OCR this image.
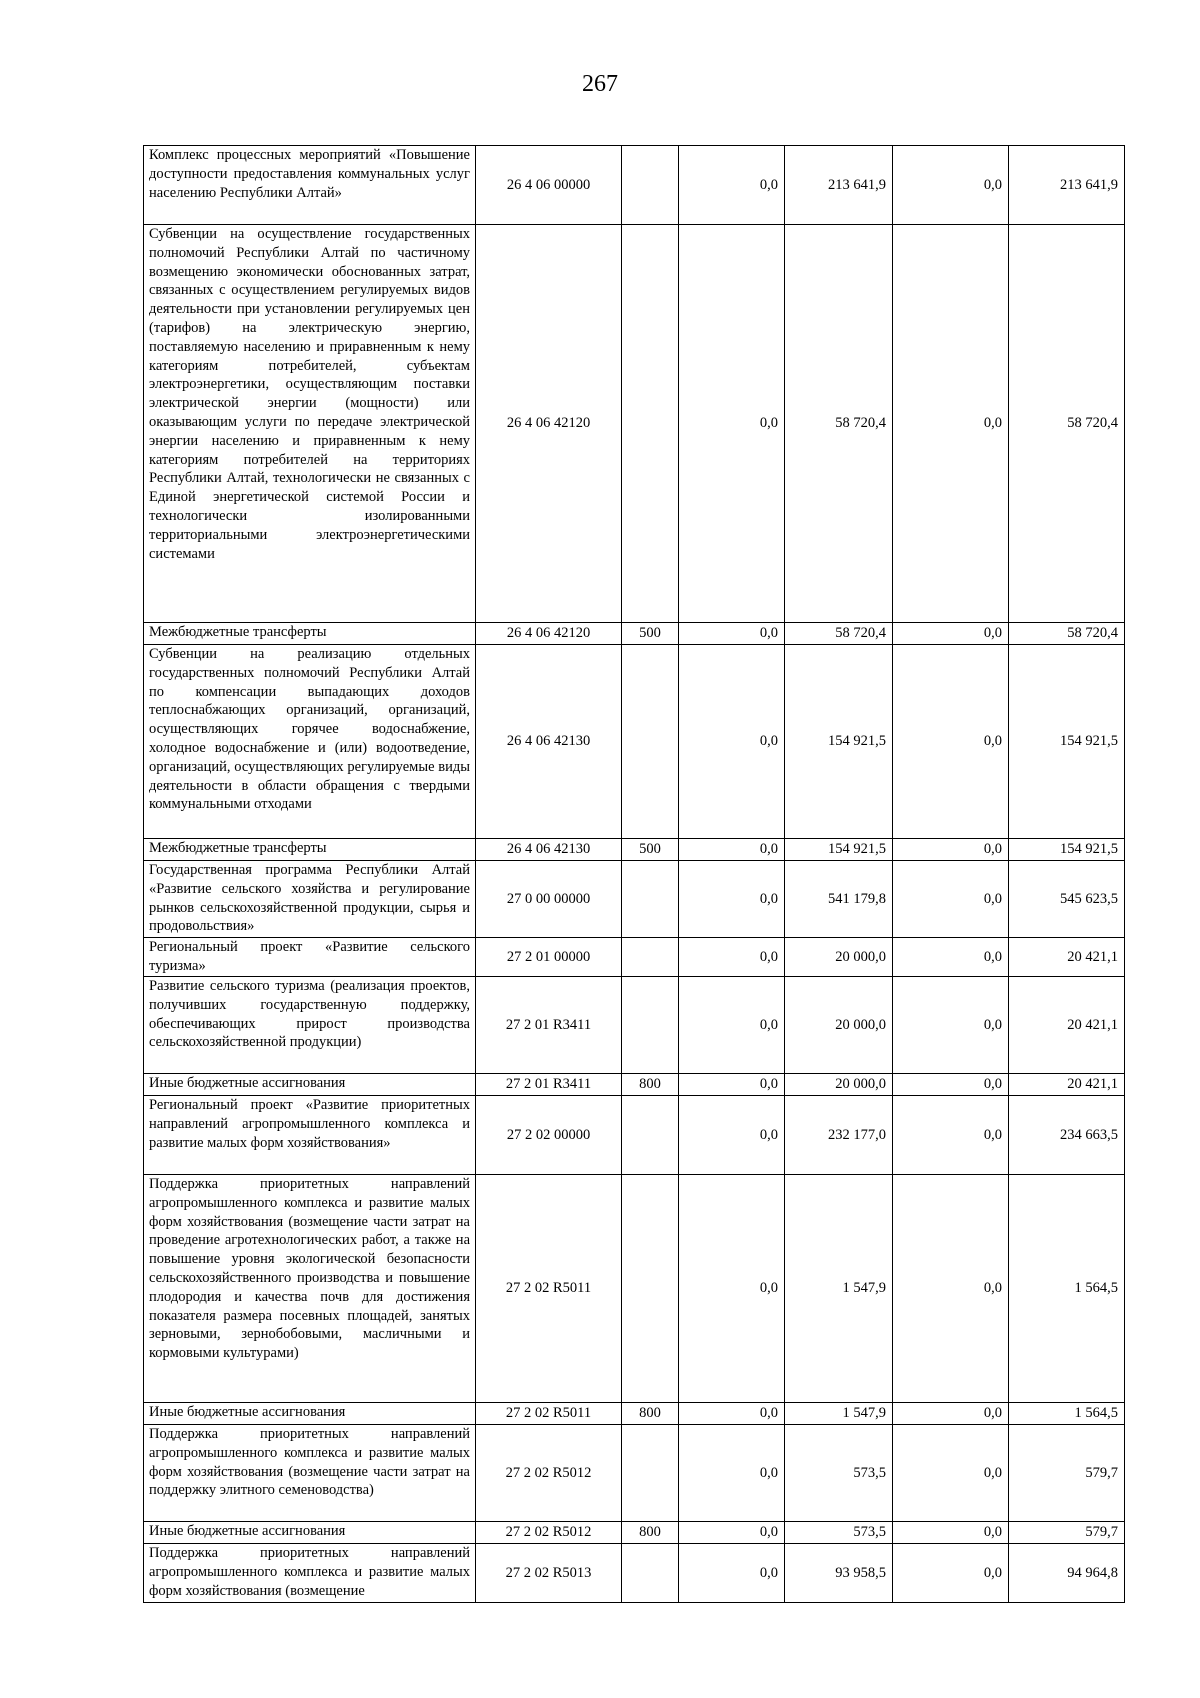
267
Комплекс процессных мероприятий «Повышение доступности предоставления коммунальных услуг населению Республики Алтай»	26 4 06 00000		0,0	213 641,9	0,0	213 641,9
Субвенции на осуществление государственных полномочий Республики Алтай по частичному возмещению экономически обоснованных затрат, связанных с осуществлением регулируемых видов деятельности при установлении регулируемых цен (тарифов) на электрическую энергию, поставляемую населению и приравненным к нему категориям потребителей, субъектам электроэнергетики, осуществляющим поставки электрической энергии (мощности) или оказывающим услуги по передаче электрической энергии населению и приравненным к нему категориям потребителей на территориях Республики Алтай, технологически не связанных с Единой энергетической системой России и технологически изолированными территориальными электроэнергетическими системами	26 4 06 42120		0,0	58 720,4	0,0	58 720,4
Межбюджетные трансферты	26 4 06 42120	500	0,0	58 720,4	0,0	58 720,4
Субвенции на реализацию отдельных государственных полномочий Республики Алтай по компенсации выпадающих доходов теплоснабжающих организаций, организаций, осуществляющих горячее водоснабжение, холодное водоснабжение и (или) водоотведение, организаций, осуществляющих регулируемые виды деятельности в области обращения с твердыми коммунальными отходами	26 4 06 42130		0,0	154 921,5	0,0	154 921,5
Межбюджетные трансферты	26 4 06 42130	500	0,0	154 921,5	0,0	154 921,5
Государственная программа Республики Алтай «Развитие сельского хозяйства и регулирование рынков сельскохозяйственной продукции, сырья и продовольствия»	27 0 00 00000		0,0	541 179,8	0,0	545 623,5
Региональный проект «Развитие сельского туризма»	27 2 01 00000		0,0	20 000,0	0,0	20 421,1
Развитие сельского туризма (реализация проектов, получивших государственную поддержку, обеспечивающих прирост производства сельскохозяйственной продукции)	27 2 01 R3411		0,0	20 000,0	0,0	20 421,1
Иные бюджетные ассигнования	27 2 01 R3411	800	0,0	20 000,0	0,0	20 421,1
Региональный проект «Развитие приоритетных направлений агропромышленного комплекса и развитие малых форм хозяйствования»	27 2 02 00000		0,0	232 177,0	0,0	234 663,5
Поддержка приоритетных направлений агропромышленного комплекса и развитие малых форм хозяйствования (возмещение части затрат на проведение агротехнологических работ, а также на повышение уровня экологической безопасности сельскохозяйственного производства и повышение плодородия и качества почв для достижения показателя размера посевных площадей, занятых зерновыми, зернобобовыми, масличными и кормовыми культурами)	27 2 02 R5011		0,0	1 547,9	0,0	1 564,5
Иные бюджетные ассигнования	27 2 02 R5011	800	0,0	1 547,9	0,0	1 564,5
Поддержка приоритетных направлений агропромышленного комплекса и развитие малых форм хозяйствования (возмещение части затрат на поддержку элитного семеноводства)	27 2 02 R5012		0,0	573,5	0,0	579,7
Иные бюджетные ассигнования	27 2 02 R5012	800	0,0	573,5	0,0	579,7
Поддержка приоритетных направлений агропромышленного комплекса и развитие малых форм хозяйствования (возмещение	27 2 02 R5013		0,0	93 958,5	0,0	94 964,8
